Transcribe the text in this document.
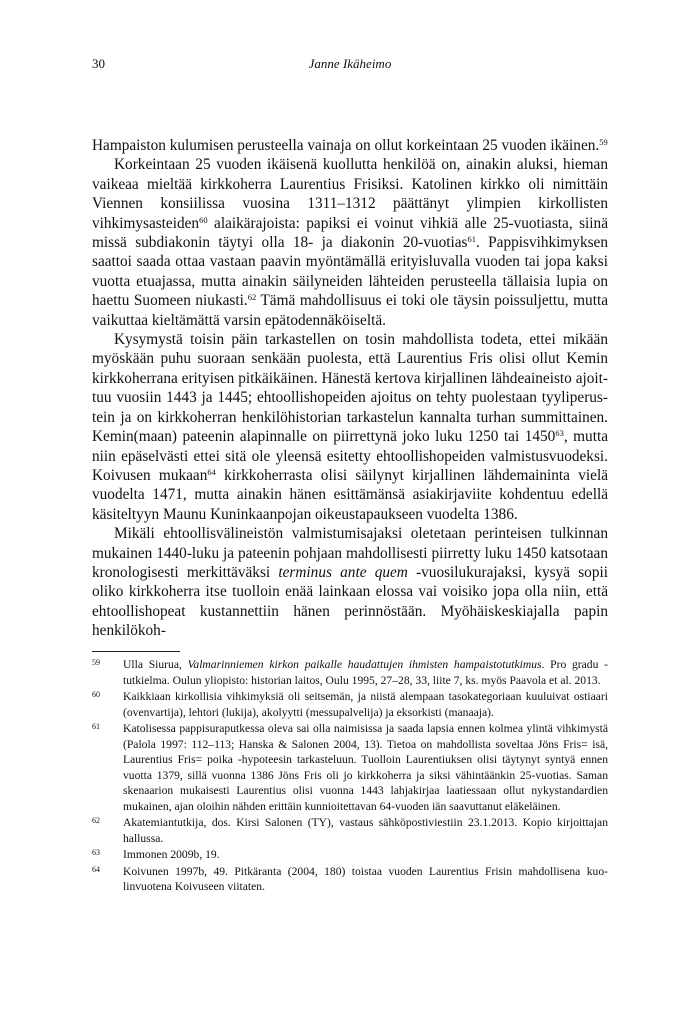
30	Janne Ikäheimo

Hampaiston kulumisen perusteella vainaja on ollut korkeintaan 25 vuoden ikäinen.$^{59}$

Korkeintaan 25 vuoden ikäisenä kuollutta henkilöä on, ainakin aluksi, hieman vaikeaa mieltää kirkkoherra Laurentius Frisiksi. Katolinen kirkko oli nimittäin Viennen konsiilissa vuosina 1311–1312 päättänyt ylimpien kirkollisten vihkimysasteiden$^{60}$ alaikärajoista: papiksi ei voinut vihkiä alle 25-vuotiasta, siinä missä subdiakonin täytyi olla 18- ja diakonin 20-vuotias$^{61}$. Pappisvihkimyksen saattoi saada ottaa vastaan paavin myöntämällä erityisluvalla vuoden tai jopa kaksi vuotta etuajassa, mutta ainakin säilyneiden lähteiden perusteella tällaisia lupia on haettu Suomeen niukasti.$^{62}$ Tämä mahdollisuus ei toki ole täysin poissuljettu, mutta vaikuttaa kieltämättä varsin epätodennäköiseltä.

Kysymystä toisin päin tarkastellen on tosin mahdollista todeta, ettei mikään myöskään puhu suoraan senkään puolesta, että Laurentius Fris olisi ollut Kemin kirkkoherrana erityisen pitkäikäinen. Hänestä kertova kirjallinen lähdeaineisto ajoittuu vuosiin 1443 ja 1445; ehtoollishopeiden ajoitus on tehty puolestaan tyyliperustein ja on kirkkoherran henkilöhistorian tarkastelun kannalta turhan summittainen. Kemin(maan) pateenin alapinnalle on piirrettynä joko luku 1250 tai 1450$^{63}$, mutta niin epäselvästi ettei sitä ole yleensä esitetty ehtoollishopeiden valmistusvuodeksi. Koivusen mukaan$^{64}$ kirkkoherrasta olisi säilynyt kirjallinen lähdemaininta vielä vuodelta 1471, mutta ainakin hänen esittämänsä asiakirjaviite kohdentuu edellä käsiteltyyn Maunu Kuninkaanpojan oikeustapaukseen vuodelta 1386.

Mikäli ehtoollisvälineistön valmistumisajaksi oletetaan perinteisen tulkinnan mukainen 1440-luku ja pateenin pohjaan mahdollisesti piirretty luku 1450 katsotaan kronologisesti merkittäväksi terminus ante quem -vuosilukurajaksi, kysyä sopii oliko kirkkoherra itse tuolloin enää lainkaan elossa vai voisiko jopa olla niin, että ehtoollishopeat kustannettiin hänen perinnöstään. Myöhäiskeskiajalla papin henkilökoh-

59 Ulla Siurua, Valmarinniemen kirkon paikalle haudattujen ihmisten hampaistotutkimus. Pro gradu -tutkielma. Oulun yliopisto: historian laitos, Oulu 1995, 27–28, 33, liite 7, ks. myös Paavola et al. 2013.
60 Kaikkiaan kirkollisia vihkimyksiä oli seitsemän, ja niistä alempaan tasokategoriaan kuuluivat ostiaari (ovenvartija), lehtori (lukija), akolyytti (messupalvelija) ja eksorkisti (manaaja).
61 Katolisessa pappisuraputkessa oleva sai olla naimisissa ja saada lapsia ennen kolmea ylintä vihkimystä (Palola 1997: 112–113; Hanska & Salonen 2004, 13). Tietoa on mahdollista soveltaa Jöns Fris= isä, Laurentius Fris= poika -hypoteesin tarkasteluun. Tuolloin Laurentiuksen olisi täytynyt syntyä ennen vuotta 1379, sillä vuonna 1386 Jöns Fris oli jo kirkkoherra ja siksi vähintäänkin 25-vuotias. Saman skenaarion mukaisesti Laurentius olisi vuonna 1443 lahjakirjaa laatiessaan ollut nykystandardien mukainen, ajan oloihin nähden erittäin kunnioitettavan 64-vuoden iän saavuttanut eläkeläinen.
62 Akatemiantutkija, dos. Kirsi Salonen (TY), vastaus sähköpostiviestiin 23.1.2013. Kopio kirjoittajan hallussa.
63 Immonen 2009b, 19.
64 Koivunen 1997b, 49. Pitkäranta (2004, 180) toistaa vuoden Laurentius Frisin mahdollisena kuolinvuotena Koivuseen viitaten.
